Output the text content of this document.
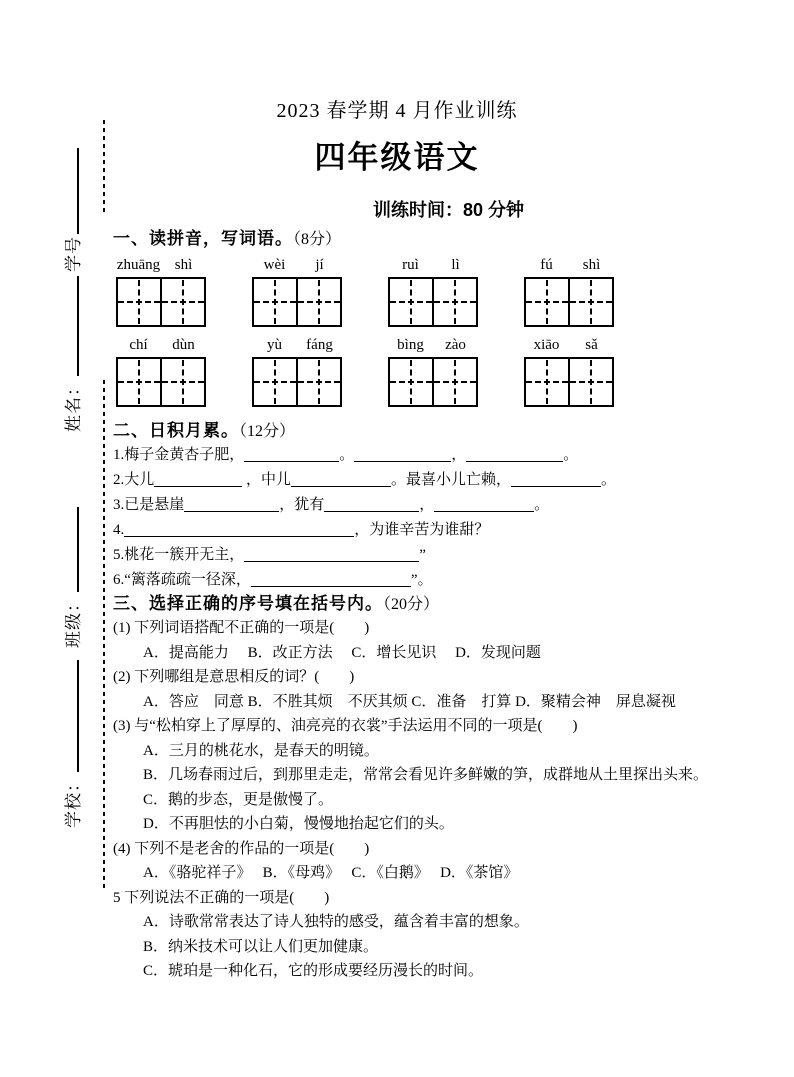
学号
姓名：
班级：
学校：
2023 春学期 4 月作业训练
四年级语文
训练时间：80 分钟
一、读拼音，写词语。（8分）
zhuāng shì	wèi	jí	ruì	lì	fú	shì
chí	dùn	yù	fáng	bìng	zào	xiāo	sǎ
二、日积月累。（12分）
1.梅子金黄杏子肥，	。	，	。
2.大儿	，中儿	。最喜小儿亡赖，	。
3.已是悬崖	，犹有	，	。
4.	，为谁辛苦为谁甜？
5.桃花一簇开无主，	”
6.“篱落疏疏一径深，	”。
三、选择正确的序号填在括号内。（20分）
(1) 下列词语搭配不正确的一项是(　　)
A．提高能力　 B．改正方法 　C．增长见识　 D．发现问题
(2) 下列哪组是意思相反的词？(　　)
A．答应　同意 B．不胜其烦　不厌其烦 C．准备　打算 D．聚精会神　屏息凝视
(3) 与“松柏穿上了厚厚的、油亮亮的衣裳”手法运用不同的一项是(　　)
A．三月的桃花水，是春天的明镜。
B．几场春雨过后，到那里走走，常常会看见许多鲜嫩的笋，成群地从土里探出头来。
C．鹅的步态，更是傲慢了。
D．不再胆怯的小白菊，慢慢地抬起它们的头。
(4) 下列不是老舍的作品的一项是(　　)
A．《骆驼祥子》　 B．《母鸡》　 C．《白鹅》　 D．《茶馆》
5 下列说法不正确的一项是(　　)
A．诗歌常常表达了诗人独特的感受，蕴含着丰富的想象。
B．纳米技术可以让人们更加健康。
C．琥珀是一种化石，它的形成要经历漫长的时间。
